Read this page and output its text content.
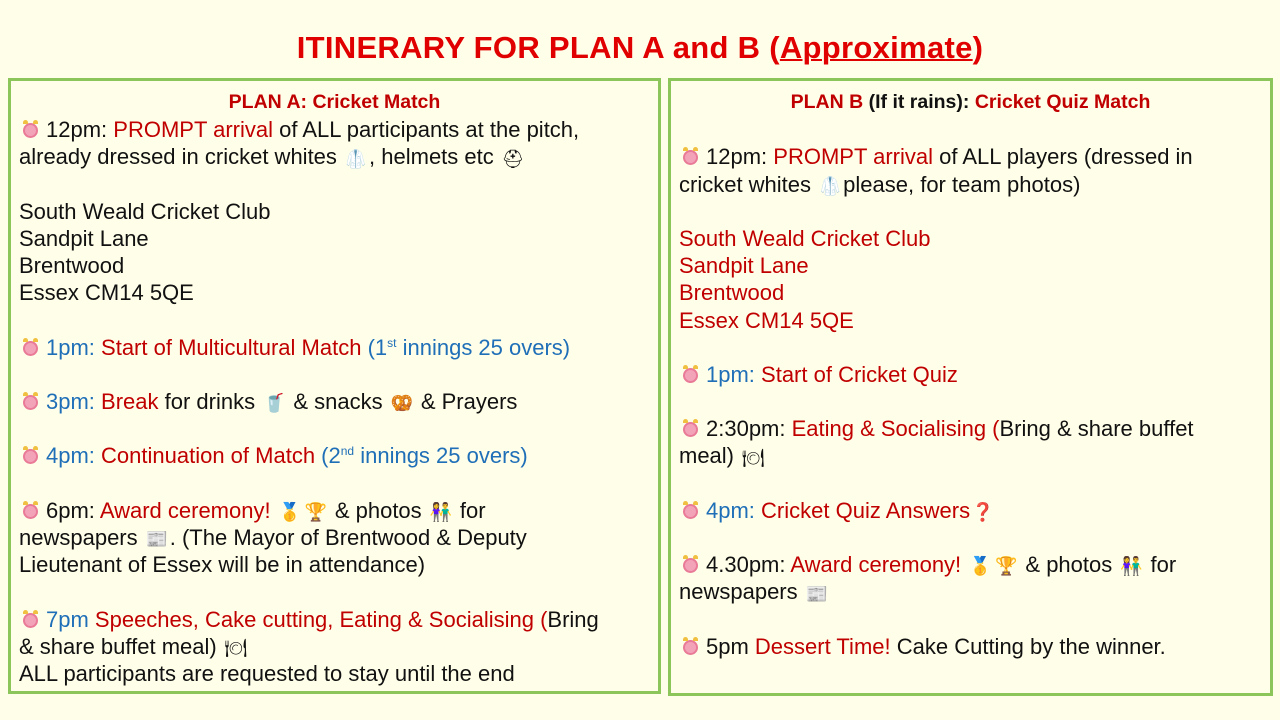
ITINERARY FOR PLAN A and B (Approximate)
PLAN A: Cricket Match
12pm: PROMPT arrival of ALL participants at the pitch,
already dressed in cricket whites 🥼, helmets etc ⛑
South Weald Cricket Club
Sandpit Lane
Brentwood
Essex CM14 5QE
1pm: Start of Multicultural Match (1st innings 25 overs)
3pm: Break for drinks 🥤 & snacks 🥨 & Prayers
4pm: Continuation of Match (2nd innings 25 overs)
6pm: Award ceremony! 🥇 🏆 & photos 👫 for
newspapers 📰. (The Mayor of Brentwood & Deputy
Lieutenant of Essex will be in attendance)
7pm Speeches, Cake cutting, Eating & Socialising (Bring
& share buffet meal) 🍽
ALL participants are requested to stay until the end
PLAN B (If it rains): Cricket Quiz Match
12pm: PROMPT arrival of ALL players (dressed in
cricket whites 🥼please, for team photos)
South Weald Cricket Club
Sandpit Lane
Brentwood
Essex CM14 5QE
1pm: Start of Cricket Quiz
2:30pm: Eating & Socialising (Bring & share buffet
meal) 🍽
4pm: Cricket Quiz Answers❓
4.30pm: Award ceremony! 🥇 🏆 & photos 👫 for
newspapers 📰
5pm Dessert Time! Cake Cutting by the winner.
